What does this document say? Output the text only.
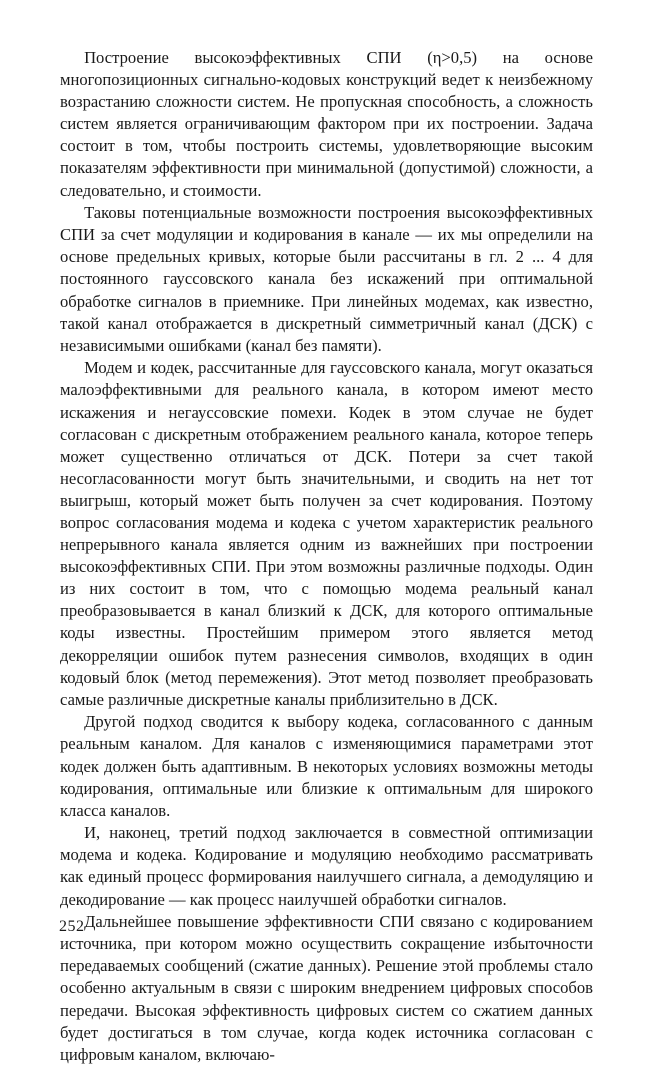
Построение высокоэффективных СПИ (η>0,5) на основе многопозиционных сигнально-кодовых конструкций ведет к неизбежному возрастанию сложности систем. Не пропускная способность, а сложность систем является ограничивающим фактором при их построении. Задача состоит в том, чтобы построить системы, удовлетворяющие высоким показателям эффективности при минимальной (допустимой) сложности, а следовательно, и стоимости.

Таковы потенциальные возможности построения высокоэффективных СПИ за счет модуляции и кодирования в канале — их мы определили на основе предельных кривых, которые были рассчитаны в гл. 2 ... 4 для постоянного гауссовского канала без искажений при оптимальной обработке сигналов в приемнике. При линейных модемах, как известно, такой канал отображается в дискретный симметричный канал (ДСК) с независимыми ошибками (канал без памяти).

Модем и кодек, рассчитанные для гауссовского канала, могут оказаться малоэффективными для реального канала, в котором имеют место искажения и негауссовские помехи. Кодек в этом случае не будет согласован с дискретным отображением реального канала, которое теперь может существенно отличаться от ДСК. Потери за счет такой несогласованности могут быть значительными, и сводить на нет тот выигрыш, который может быть получен за счет кодирования. Поэтому вопрос согласования модема и кодека с учетом характеристик реального непрерывного канала является одним из важнейших при построении высокоэффективных СПИ. При этом возможны различные подходы. Один из них состоит в том, что с помощью модема реальный канал преобразовывается в канал близкий к ДСК, для которого оптимальные коды известны. Простейшим примером этого является метод декорреляции ошибок путем разнесения символов, входящих в один кодовый блок (метод перемежения). Этот метод позволяет преобразовать самые различные дискретные каналы приблизительно в ДСК.

Другой подход сводится к выбору кодека, согласованного с данным реальным каналом. Для каналов с изменяющимися параметрами этот кодек должен быть адаптивным. В некоторых условиях возможны методы кодирования, оптимальные или близкие к оптимальным для широкого класса каналов.

И, наконец, третий подход заключается в совместной оптимизации модема и кодека. Кодирование и модуляцию необходимо рассматривать как единый процесс формирования наилучшего сигнала, а демодуляцию и декодирование — как процесс наилучшей обработки сигналов.

Дальнейшее повышение эффективности СПИ связано с кодированием источника, при котором можно осуществить сокращение избыточности передаваемых сообщений (сжатие данных). Решение этой проблемы стало особенно актуальным в связи с широким внедрением цифровых способов передачи. Высокая эффективность цифровых систем со сжатием данных будет достигаться в том случае, когда кодек источника согласован с цифровым каналом, включаю-

252
